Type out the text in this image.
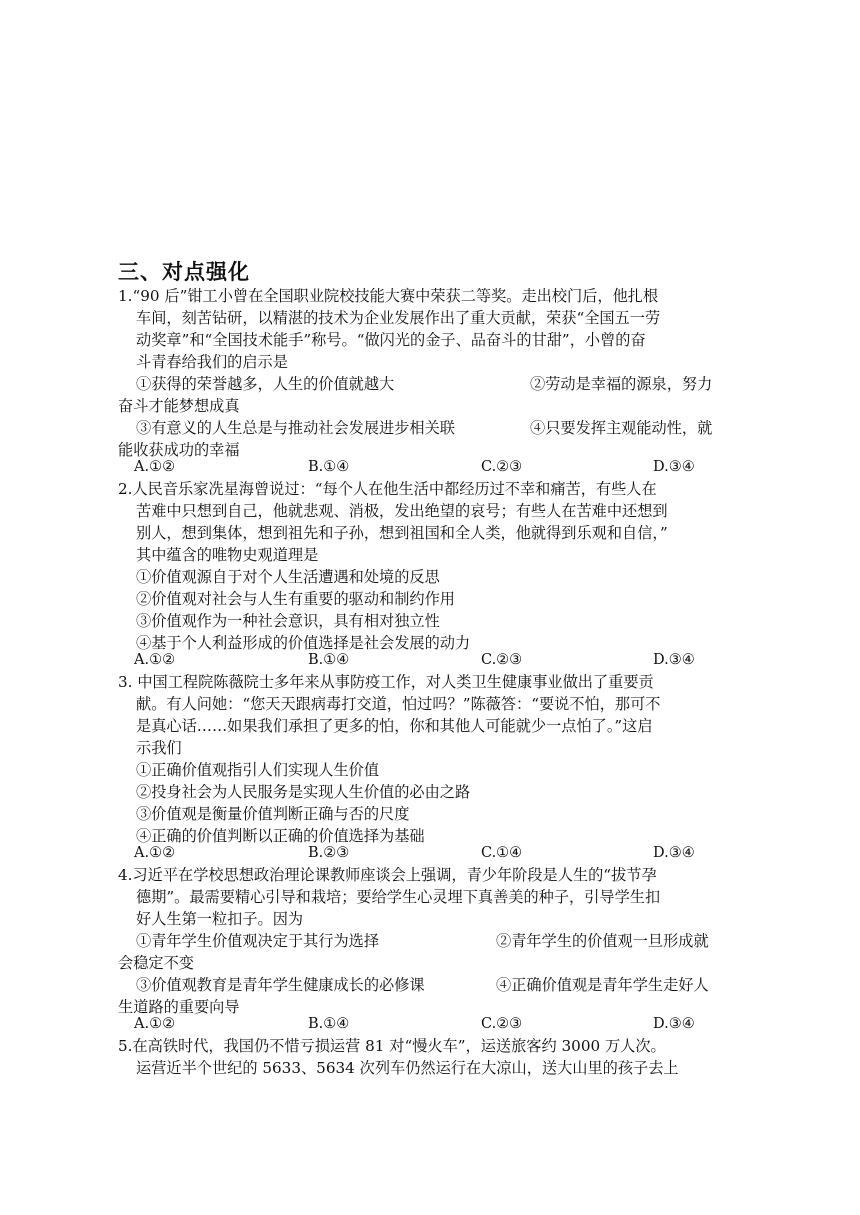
三、对点强化
1.“90 后”钳工小曾在全国职业院校技能大赛中荣获二等奖。走出校门后，他扎根
车间，刻苦钻研，以精湛的技术为企业发展作出了重大贡献，荣获“全国五一劳
动奖章”和“全国技术能手”称号。“做闪光的金子、品奋斗的甘甜”，小曾的奋
斗青春给我们的启示是
①获得的荣誉越多，人生的价值就越大	②劳动是幸福的源泉，努力
奋斗才能梦想成真
③有意义的人生总是与推动社会发展进步相关联	④只要发挥主观能动性，就
能收获成功的幸福
A.①②	B.①④	C.②③	D.③④
2.人民音乐家冼星海曾说过：“每个人在他生活中都经历过不幸和痛苦，有些人在
苦难中只想到自己，他就悲观、消极，发出绝望的哀号；有些人在苦难中还想到
别人，想到集体，想到祖先和子孙，想到祖国和全人类，他就得到乐观和自信，”
其中蕴含的唯物史观道理是
①价值观源自于对个人生活遭遇和处境的反思
②价值观对社会与人生有重要的驱动和制约作用
③价值观作为一种社会意识，具有相对独立性
④基于个人利益形成的价值选择是社会发展的动力
A.①②	B.①④	C.②③	D.③④
3. 中国工程院陈薇院士多年来从事防疫工作，对人类卫生健康事业做出了重要贡
献。有人问她：“您天天跟病毒打交道，怕过吗？”陈薇答：“要说不怕，那可不
是真心话……如果我们承担了更多的怕，你和其他人可能就少一点怕了。”这启
示我们
①正确价值观指引人们实现人生价值
②投身社会为人民服务是实现人生价值的必由之路
③价值观是衡量价值判断正确与否的尺度
④正确的价值判断以正确的价值选择为基础
A.①②	B.②③	C.①④	D.③④
4.习近平在学校思想政治理论课教师座谈会上强调，青少年阶段是人生的“拔节孕
德期”。最需要精心引导和栽培；要给学生心灵埋下真善美的种子，引导学生扣
好人生第一粒扣子。因为
①青年学生价值观决定于其行为选择	②青年学生的价值观一旦形成就
会稳定不变
③价值观教育是青年学生健康成长的必修课	④正确价值观是青年学生走好人
生道路的重要向导
A.①②	B.①④	C.②③	D.③④
5.在高铁时代，我国仍不惜亏损运营 81 对“慢火车”，运送旅客约 3000 万人次。
运营近半个世纪的 5633、5634 次列车仍然运行在大凉山，送大山里的孩子去上
